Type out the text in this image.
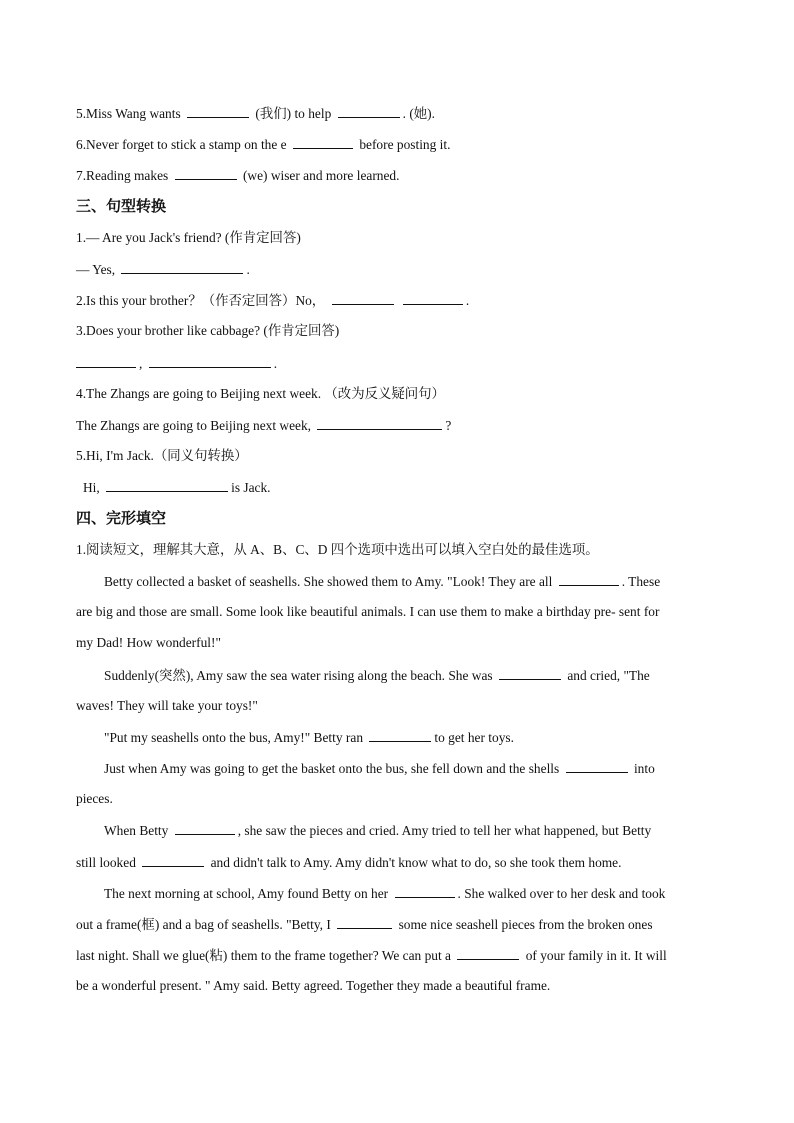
5.Miss Wang wants	(我们) to help	. (她).
6.Never forget to stick a stamp on the e	before posting it.
7.Reading makes	(we) wiser and more learned.
三、句型转换
1.— Are you Jack's friend? (作肯定回答)
— Yes,	.
2.Is this your brother？（作否定回答）No，	.
3.Does your brother like cabbage? (作肯定回答)
,	.
4.The Zhangs are going to Beijing next week. （改为反义疑问句）
The Zhangs are going to Beijing next week,	?
5.Hi, I'm Jack.（同义句转换）
Hi,	is Jack.
四、完形填空
1.阅读短文，理解其大意，从 A、B、C、D 四个选项中选出可以填入空白处的最佳选项。
Betty collected a basket of seashells. She showed them to Amy. "Look! They are all	. These
are big and those are small. Some look like beautiful animals. I can use them to make a birthday pre- sent for
my Dad! How wonderful!"
Suddenly(突然), Amy saw the sea water rising along the beach. She was	and cried, "The
waves! They will take your toys!"
"Put my seashells onto the bus, Amy!" Betty ran	to get her toys.
Just when Amy was going to get the basket onto the bus, she fell down and the shells	into
pieces.
When Betty	, she saw the pieces and cried. Amy tried to tell her what happened, but Betty
still looked	and didn't talk to Amy. Amy didn't know what to do, so she took them home.
The next morning at school, Amy found Betty on her	. She walked over to her desk and took
out a frame(框) and a bag of seashells. "Betty, I	some nice seashell pieces from the broken ones
last night. Shall we glue(粘) them to the frame together? We can put a	of your family in it. It will
be a wonderful present. " Amy said. Betty agreed. Together they made a beautiful frame.
